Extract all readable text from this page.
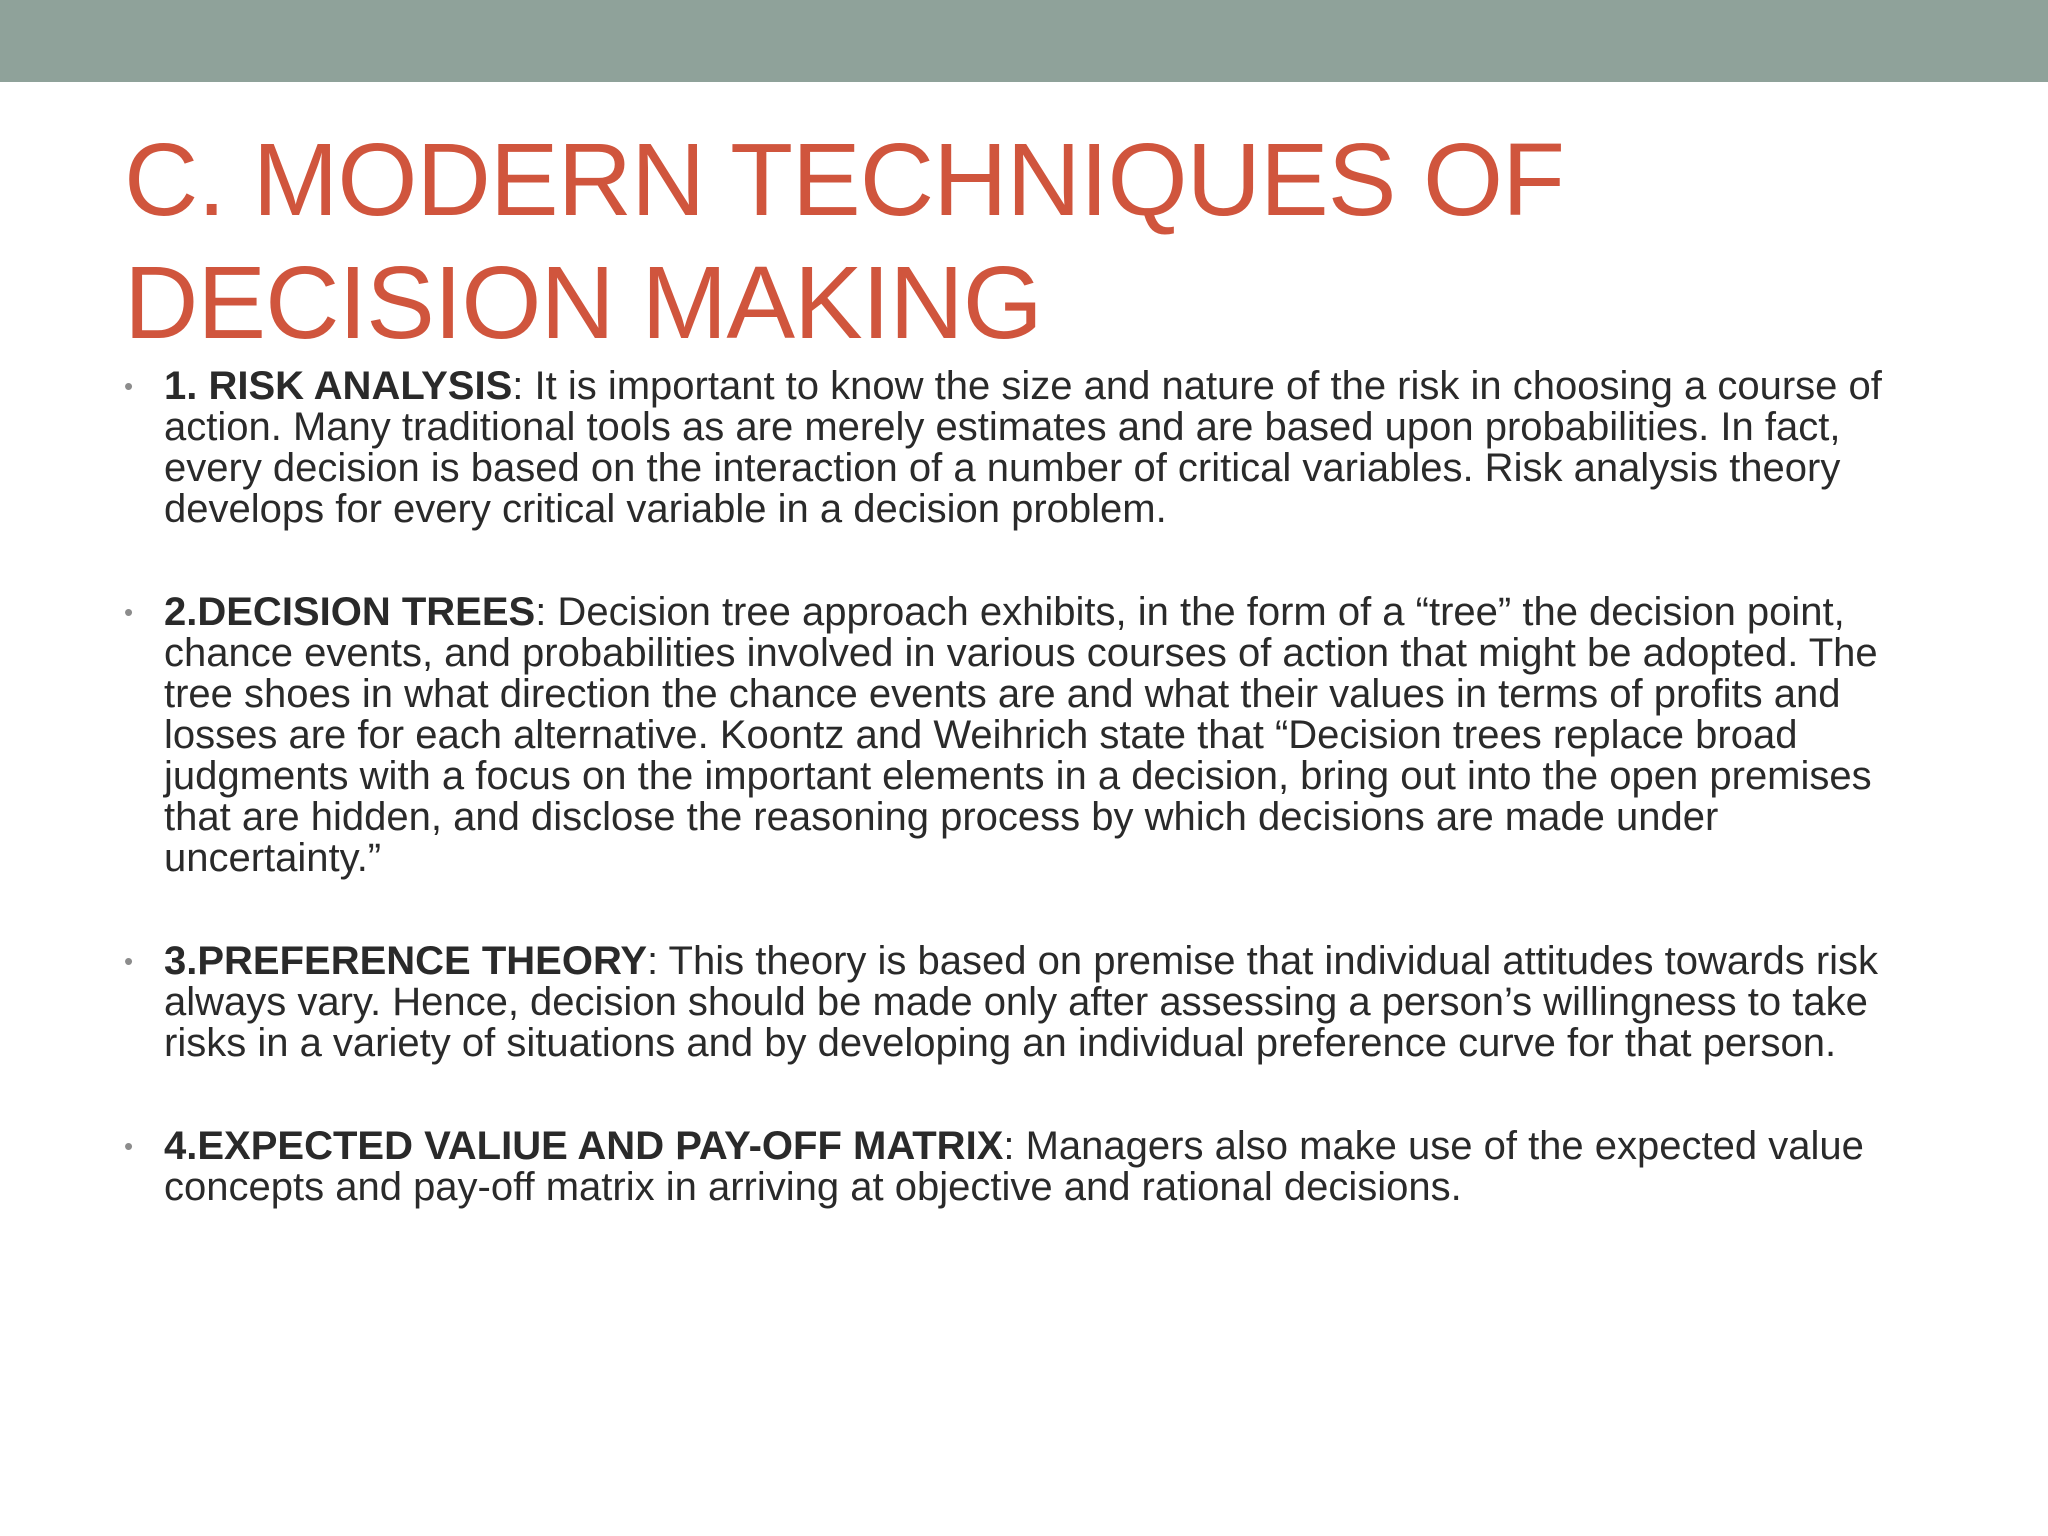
C. MODERN TECHNIQUES OF
DECISION MAKING
• 1. RISK ANALYSIS: It is important to know the size and nature of the risk in choosing a course of action. Many traditional tools as are merely estimates and are based upon probabilities. In fact, every decision is based on the interaction of a number of critical variables. Risk analysis theory develops for every critical variable in a decision problem.
• 2.DECISION TREES: Decision tree approach exhibits, in the form of a “tree” the decision point, chance events, and probabilities involved in various courses of action that might be adopted. The tree shoes in what direction the chance events are and what their values in terms of profits and losses are for each alternative. Koontz and Weihrich state that “Decision trees replace broad judgments with a focus on the important elements in a decision, bring out into the open premises that are hidden, and disclose the reasoning process by which decisions are made under uncertainty.”
• 3.PREFERENCE THEORY: This theory is based on premise that individual attitudes towards risk always vary. Hence, decision should be made only after assessing a person’s willingness to take risks in a variety of situations and by developing an individual preference curve for that person.
• 4.EXPECTED VALIUE AND PAY-OFF MATRIX: Managers also make use of the expected value concepts and pay-off matrix in arriving at objective and rational decisions.
